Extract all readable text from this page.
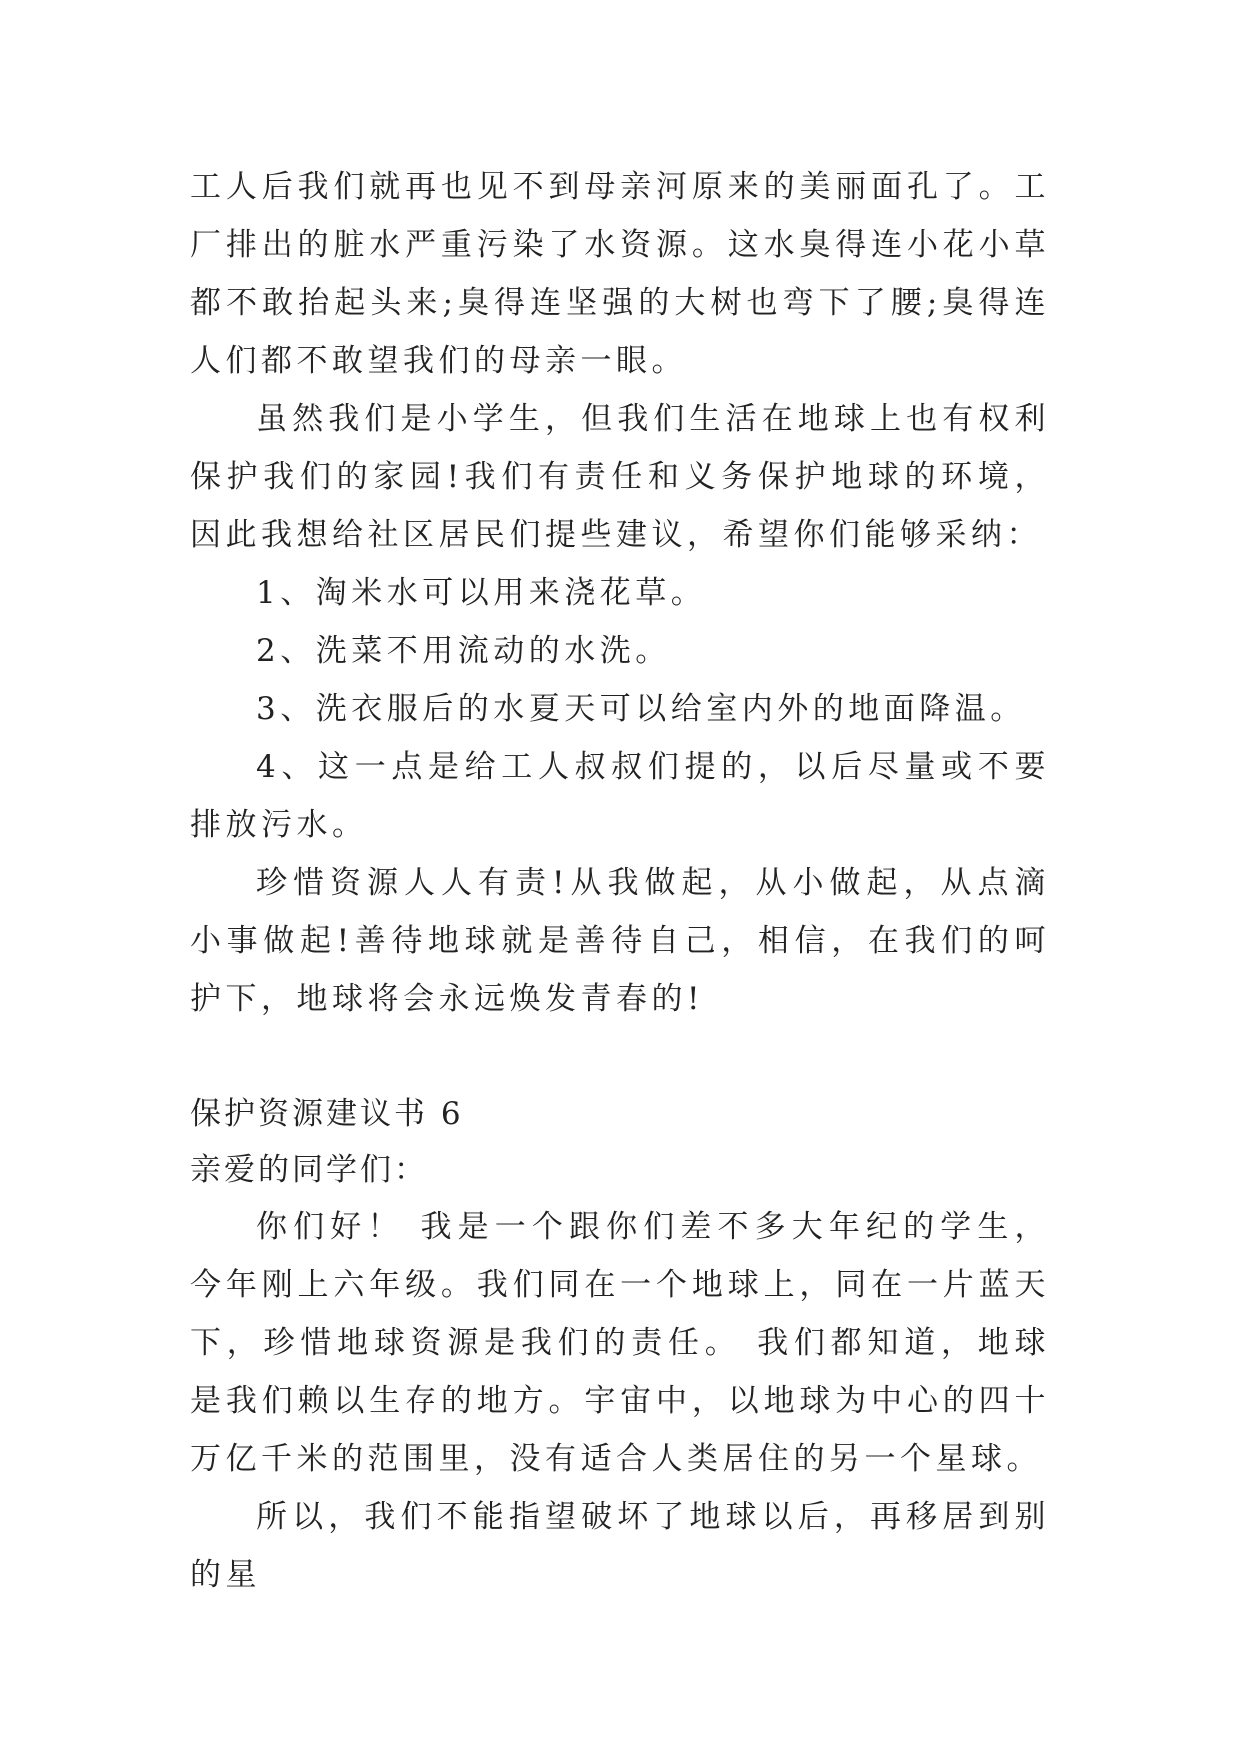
工人后我们就再也见不到母亲河原来的美丽面孔了。工厂排出的脏水严重污染了水资源。这水臭得连小花小草都不敢抬起头来;臭得连坚强的大树也弯下了腰;臭得连人们都不敢望我们的母亲一眼。

虽然我们是小学生，但我们生活在地球上也有权利保护我们的家园!我们有责任和义务保护地球的环境，因此我想给社区居民们提些建议，希望你们能够采纳：

1、淘米水可以用来浇花草。

2、洗菜不用流动的水洗。

3、洗衣服后的水夏天可以给室内外的地面降温。

4、这一点是给工人叔叔们提的，以后尽量或不要排放污水。

珍惜资源人人有责!从我做起，从小做起，从点滴小事做起!善待地球就是善待自己，相信，在我们的呵护下，地球将会永远焕发青春的!

保护资源建议书 6

亲爱的同学们：

你们好！ 我是一个跟你们差不多大年纪的学生，今年刚上六年级。我们同在一个地球上，同在一片蓝天下，珍惜地球资源是我们的责任。 我们都知道，地球是我们赖以生存的地方。宇宙中，以地球为中心的四十万亿千米的范围里，没有适合人类居住的另一个星球。

所以，我们不能指望破坏了地球以后，再移居到别的星
